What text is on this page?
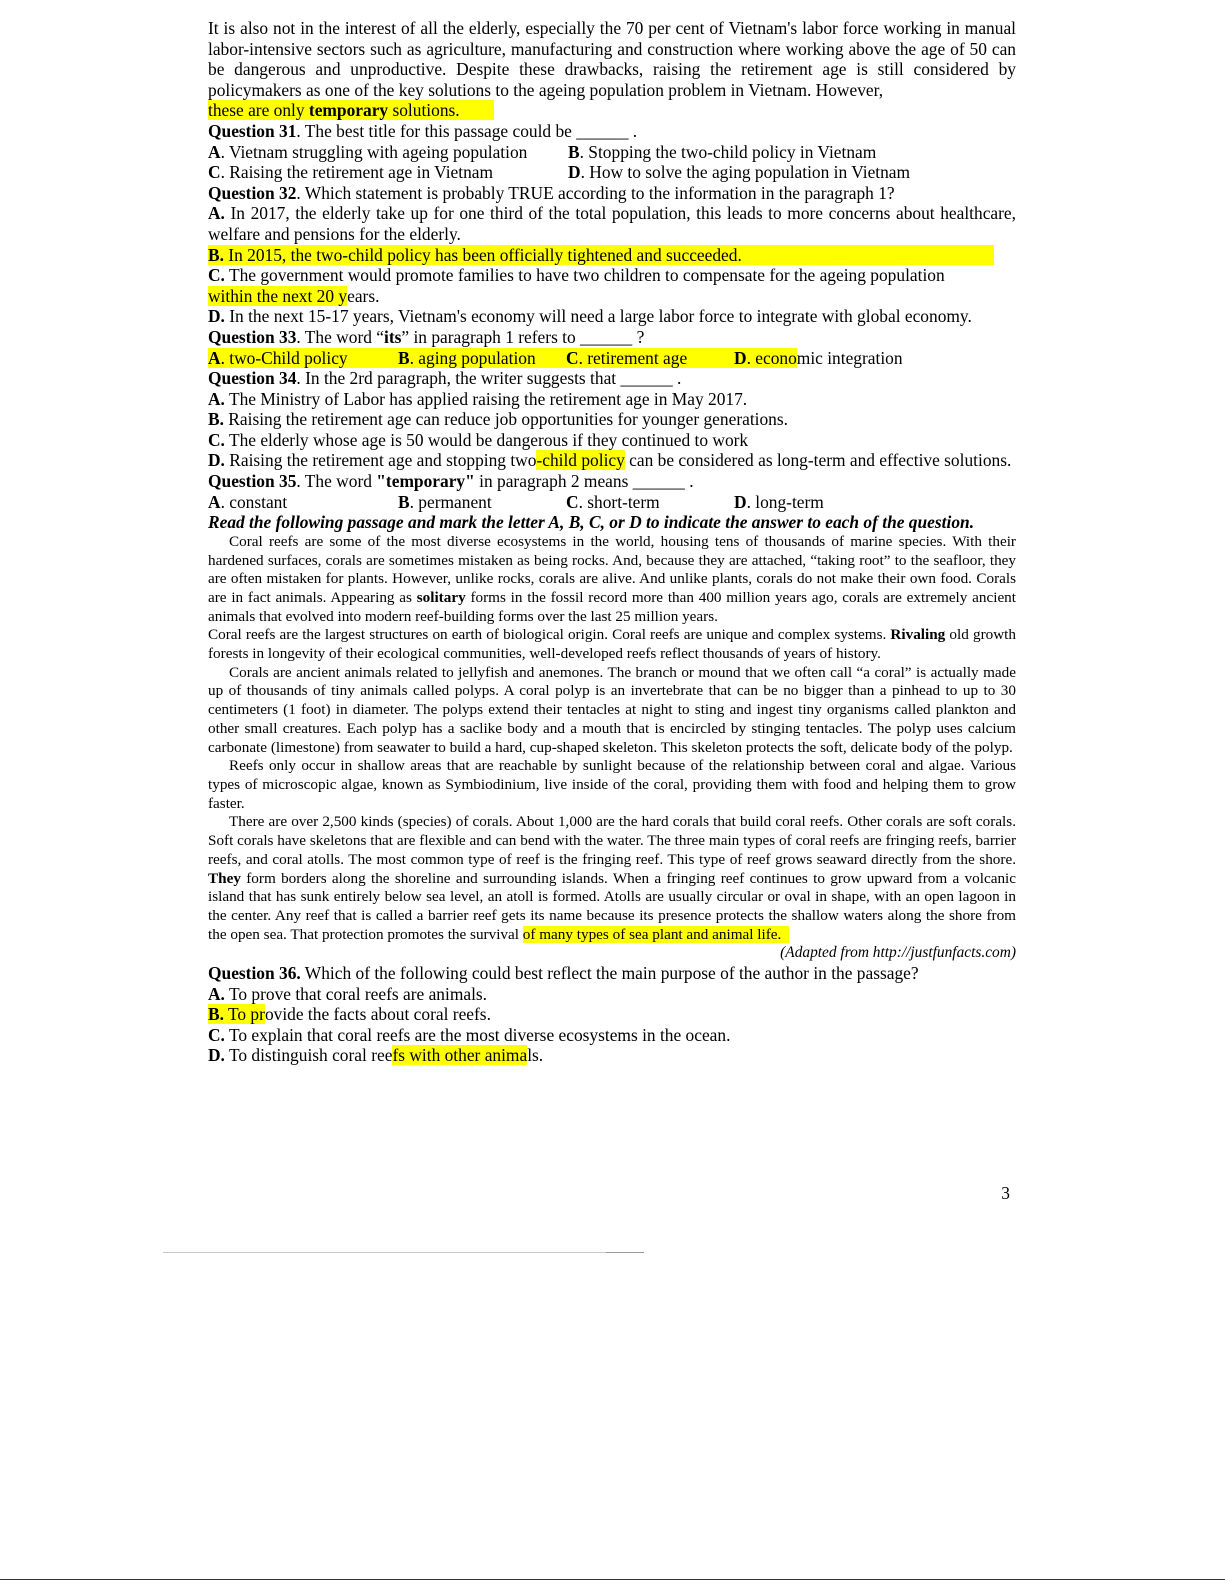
It is also not in the interest of all the elderly, especially the 70 per cent of Vietnam's labor force working in manual labor-intensive sectors such as agriculture, manufacturing and construction where working above the age of 50 can be dangerous and unproductive. Despite these drawbacks, raising the retirement age is still considered by policymakers as one of the key solutions to the ageing population problem in Vietnam. However,
these are only temporary solutions.

Question 31. The best title for this passage could be ______ .

A. Vietnam struggling with ageing population B. Stopping the two-child policy in Vietnam

C. Raising the retirement age in Vietnam	D. How to solve the aging population in Vietnam

Question 32. Which statement is probably TRUE according to the information in the paragraph 1?

A. In 2017, the elderly take up for one third of the total population, this leads to more concerns about healthcare, welfare and pensions for the elderly.

B. In 2015, the two-child policy has been officially tightened and succeeded.

C. The government would promote families to have two children to compensate for the ageing population
within the next 20 years.

D. In the next 15-17 years, Vietnam's economy will need a large labor force to integrate with global economy.

Question 33. The word “its” in paragraph 1 refers to ______ ?

A. two-Child policy	B. aging population C. retirement age	D. economic integration

Question 34. In the 2rd paragraph, the writer suggests that ______ .

A. The Ministry of Labor has applied raising the retirement age in May 2017.

B. Raising the retirement age can reduce job opportunities for younger generations.

C. The elderly whose age is 50 would be dangerous if they continued to work

D. Raising the retirement age and stopping two-child policy can be considered as long-term and effective solutions.

Question 35. The word "temporary" in paragraph 2 means ______ .

A. constant	B. permanent	C. short-term	D. long-term

Read the following passage and mark the letter A, B, C, or D to indicate the answer to each of the question.

Coral reefs are some of the most diverse ecosystems in the world, housing tens of thousands of marine species. With their hardened surfaces, corals are sometimes mistaken as being rocks. And, because they are attached, “taking root” to the seafloor, they are often mistaken for plants. However, unlike rocks, corals are alive. And unlike plants, corals do not make their own food. Corals are in fact animals. Appearing as solitary forms in the fossil record more than 400 million years ago, corals are extremely ancient animals that evolved into modern reef-building forms over the last 25 million years.

Coral reefs are the largest structures on earth of biological origin. Coral reefs are unique and complex systems. Rivaling old growth forests in longevity of their ecological communities, well-developed reefs reflect thousands of years of history.

Corals are ancient animals related to jellyfish and anemones. The branch or mound that we often call “a coral” is actually made up of thousands of tiny animals called polyps. A coral polyp is an invertebrate that can be no bigger than a pinhead to up to 30 centimeters (1 foot) in diameter. The polyps extend their tentacles at night to sting and ingest tiny organisms called plankton and other small creatures. Each polyp has a saclike body and a mouth that is encircled by stinging tentacles. The polyp uses calcium carbonate (limestone) from seawater to build a hard, cup-shaped skeleton. This skeleton protects the soft, delicate body of the polyp.

Reefs only occur in shallow areas that are reachable by sunlight because of the relationship between coral and algae. Various types of microscopic algae, known as Symbiodinium, live inside of the coral, providing them with food and helping them to grow faster.

There are over 2,500 kinds (species) of corals. About 1,000 are the hard corals that build coral reefs. Other corals are soft corals. Soft corals have skeletons that are flexible and can bend with the water. The three main types of coral reefs are fringing reefs, barrier reefs, and coral atolls. The most common type of reef is the fringing reef. This type of reef grows seaward directly from the shore. They form borders along the shoreline and surrounding islands. When a fringing reef continues to grow upward from a volcanic island that has sunk entirely below sea level, an atoll is formed. Atolls are usually circular or oval in shape, with an open lagoon in the center. Any reef that is called a barrier reef gets its name because its presence protects the shallow waters along the shore from the open sea. That protection promotes the survival of many types of sea plant and animal life.

(Adapted from http://justfunfacts.com)

Question 36. Which of the following could best reflect the main purpose of the author in the passage?

A. To prove that coral reefs are animals.

B. To provide the facts about coral reefs.

C. To explain that coral reefs are the most diverse ecosystems in the ocean.

D. To distinguish coral reefs with other animals.

3
